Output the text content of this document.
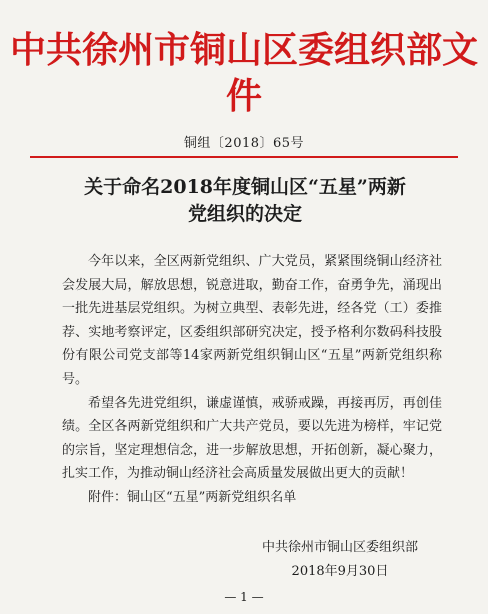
中共徐州市铜山区委组织部文件
铜组〔2018〕65号
关于命名2018年度铜山区“五星”两新
党组织的决定

今年以来，全区两新党组织、广大党员，紧紧围绕铜山经济社会发展大局，解放思想，锐意进取，勤奋工作，奋勇争先，涌现出一批先进基层党组织。为树立典型、表彰先进，经各党（工）委推荐、实地考察评定，区委组织部研究决定，授予格利尔数码科技股份有限公司党支部等14家两新党组织铜山区“五星”两新党组织称号。

希望各先进党组织，谦虚谨慎，戒骄戒躁，再接再厉，再创佳绩。全区各两新党组织和广大共产党员，要以先进为榜样，牢记党的宗旨，坚定理想信念，进一步解放思想，开拓创新，凝心聚力，扎实工作，为推动铜山经济社会高质量发展做出更大的贡献！

附件：铜山区“五星”两新党组织名单

中共徐州市铜山区委组织部
2018年9月30日
— 1 —
